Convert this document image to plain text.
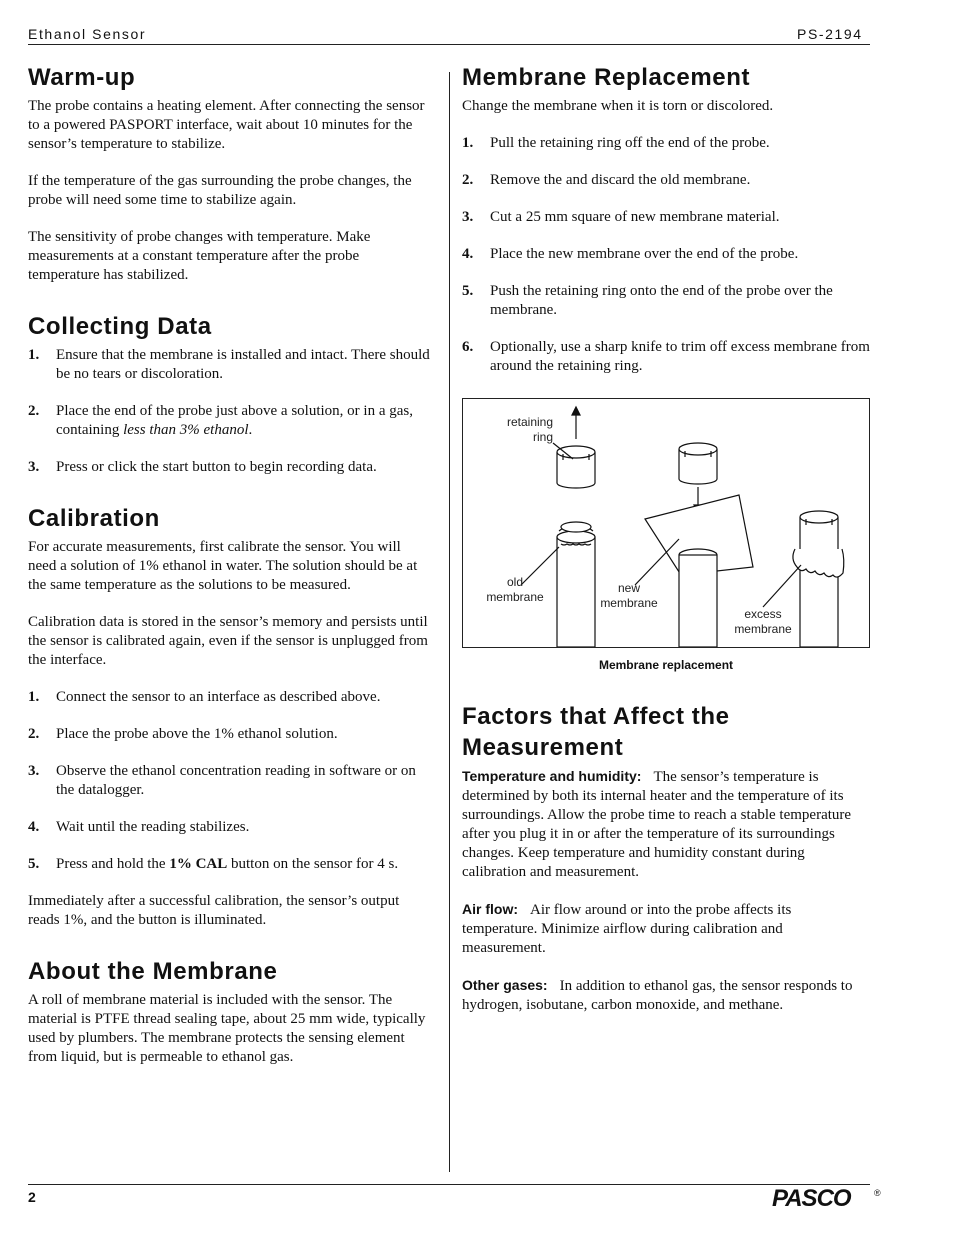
Ethanol Sensor	PS-2194
Warm-up

The probe contains a heating element. After connecting the sensor to a powered PASPORT interface, wait about 10 minutes for the sensor’s temperature to stabilize.

If the temperature of the gas surrounding the probe changes, the probe will need some time to stabilize again.

The sensitivity of probe changes with temperature. Make measurements at a constant temperature after the probe temperature has stabilized.

Collecting Data
1. Ensure that the membrane is installed and intact. There should be no tears or discoloration.
2. Place the end of the probe just above a solution, or in a gas, containing less than 3% ethanol.
3. Press or click the start button to begin recording data.
Calibration

For accurate measurements, first calibrate the sensor. You will need a solution of 1% ethanol in water. The solution should be at the same temperature as the solutions to be measured.

Calibration data is stored in the sensor’s memory and persists until the sensor is calibrated again, even if the sensor is unplugged from the interface.

1. Connect the sensor to an interface as described above.
2. Place the probe above the 1% ethanol solution.
3. Observe the ethanol concentration reading in software or on the datalogger.
4. Wait until the reading stabilizes.
5. Press and hold the 1% CAL button on the sensor for 4 s.

Immediately after a successful calibration, the sensor’s output reads 1%, and the button is illuminated.

About the Membrane

A roll of membrane material is included with the sensor. The material is PTFE thread sealing tape, about 25 mm wide, typically used by plumbers. The membrane protects the sensing element from liquid, but is permeable to ethanol gas.

Membrane Replacement

Change the membrane when it is torn or discolored.

1. Pull the retaining ring off the end of the probe.
2. Remove the and discard the old membrane.
3. Cut a 25 mm square of new membrane material.
4. Place the new membrane over the end of the probe.
5. Push the retaining ring onto the end of the probe over the membrane.
6. Optionally, use a sharp knife to trim off excess membrane from around the retaining ring.
retaining ring
old membrane
new membrane
excess membrane
Membrane replacement
Factors that Affect the Measurement

Temperature and humidity: The sensor’s temperature is determined by both its internal heater and the temperature of its surroundings. Allow the probe time to reach a stable temperature after you plug it in or after the temperature of its surroundings changes. Keep temperature and humidity constant during calibration and measurement.

Air flow: Air flow around or into the probe affects its temperature. Minimize airflow during calibration and measurement.

Other gases: In addition to ethanol gas, the sensor responds to hydrogen, isobutane, carbon monoxide, and methane.

2	PASCO	®
